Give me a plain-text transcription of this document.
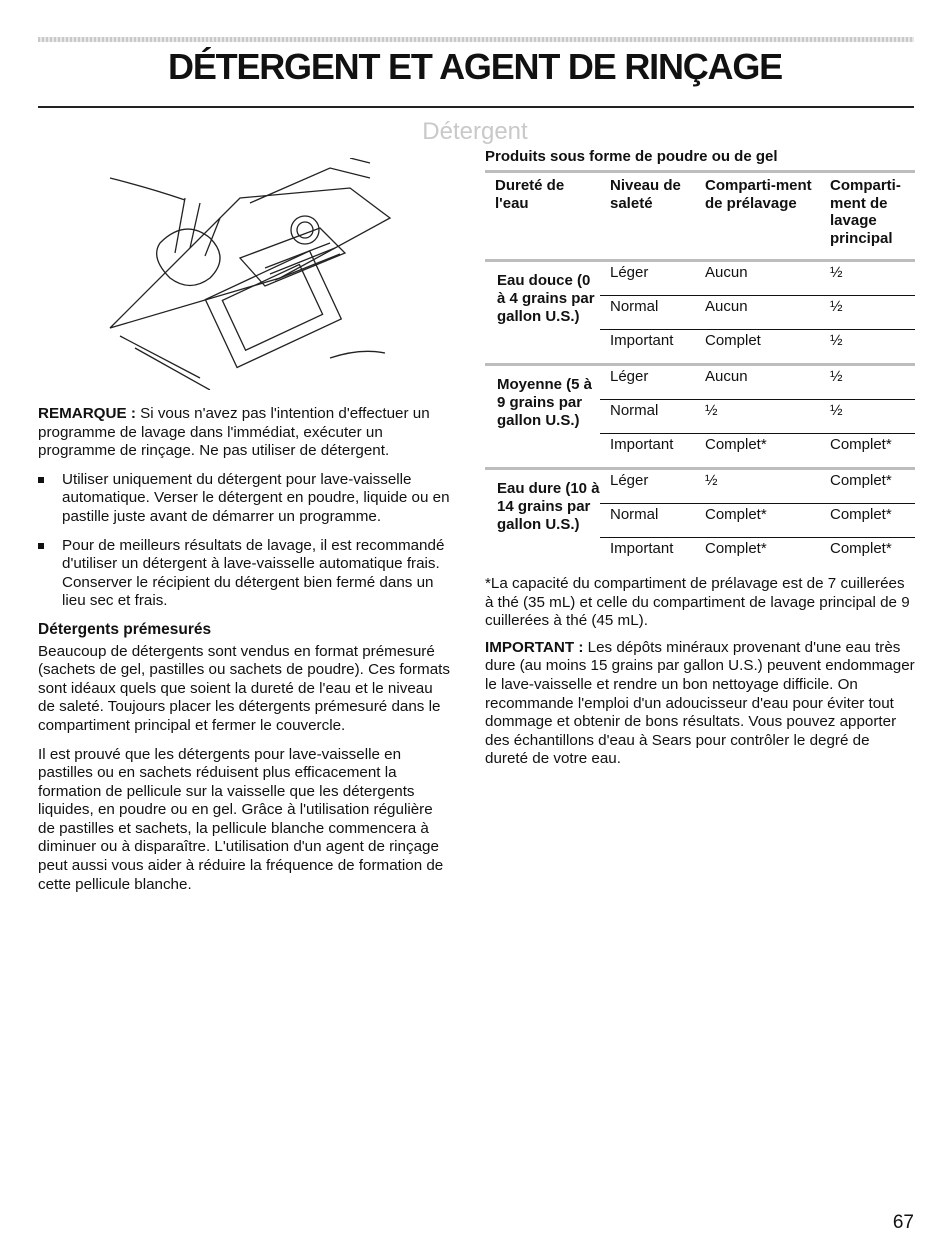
DÉTERGENT ET AGENT DE RINÇAGE
Détergent

REMARQUE : Si vous n'avez pas l'intention d'effectuer un programme de lavage dans l'immédiat, exécuter un programme de rinçage. Ne pas utiliser de détergent.

Utiliser uniquement du détergent pour lave-vaisselle automatique. Verser le détergent en poudre, liquide ou en pastille juste avant de démarrer un programme.
Pour de meilleurs résultats de lavage, il est recommandé d'utiliser un détergent à lave-vaisselle automatique frais. Conserver le récipient du détergent bien fermé dans un lieu sec et frais.
Détergents prémesurés

Beaucoup de détergents sont vendus en format prémesuré (sachets de gel, pastilles ou sachets de poudre). Ces formats sont idéaux quels que soient la dureté de l'eau et le niveau de saleté. Toujours placer les détergents prémesuré dans le compartiment principal et fermer le couvercle.

Il est prouvé que les détergents pour lave-vaisselle en pastilles ou en sachets réduisent plus efficacement la formation de pellicule sur la vaisselle que les détergents liquides, en poudre ou en gel. Grâce à l'utilisation régulière de pastilles et sachets, la pellicule blanche commencera à diminuer ou à disparaître. L'utilisation d'un agent de rinçage peut aussi vous aider à réduire la fréquence de formation de cette pellicule blanche.

Produits sous forme de poudre ou de gel
Dureté de l'eau	Niveau de saleté	Comparti-ment de prélavage	Comparti-ment de lavage principal
Eau douce (0 à 4 grains par gallon U.S.)	Léger	Aucun	½
	Normal	Aucun	½
	Important	Complet	½
Moyenne (5 à 9 grains par gallon U.S.)	Léger	Aucun	½
	Normal	½	½
	Important	Complet*	Complet*
Eau dure (10 à 14 grains par gallon U.S.)	Léger	½	Complet*
	Normal	Complet*	Complet*
	Important	Complet*	Complet*

*La capacité du compartiment de prélavage est de 7 cuillerées à thé (35 mL) et celle du compartiment de lavage principal de 9 cuillerées à thé (45 mL).

IMPORTANT : Les dépôts minéraux provenant d'une eau très dure (au moins 15 grains par gallon U.S.) peuvent endommager le lave-vaisselle et rendre un bon nettoyage difficile. On recommande l'emploi d'un adoucisseur d'eau pour éviter tout dommage et obtenir de bons résultats. Vous pouvez apporter des échantillons d'eau à Sears pour contrôler le degré de dureté de votre eau.

67
